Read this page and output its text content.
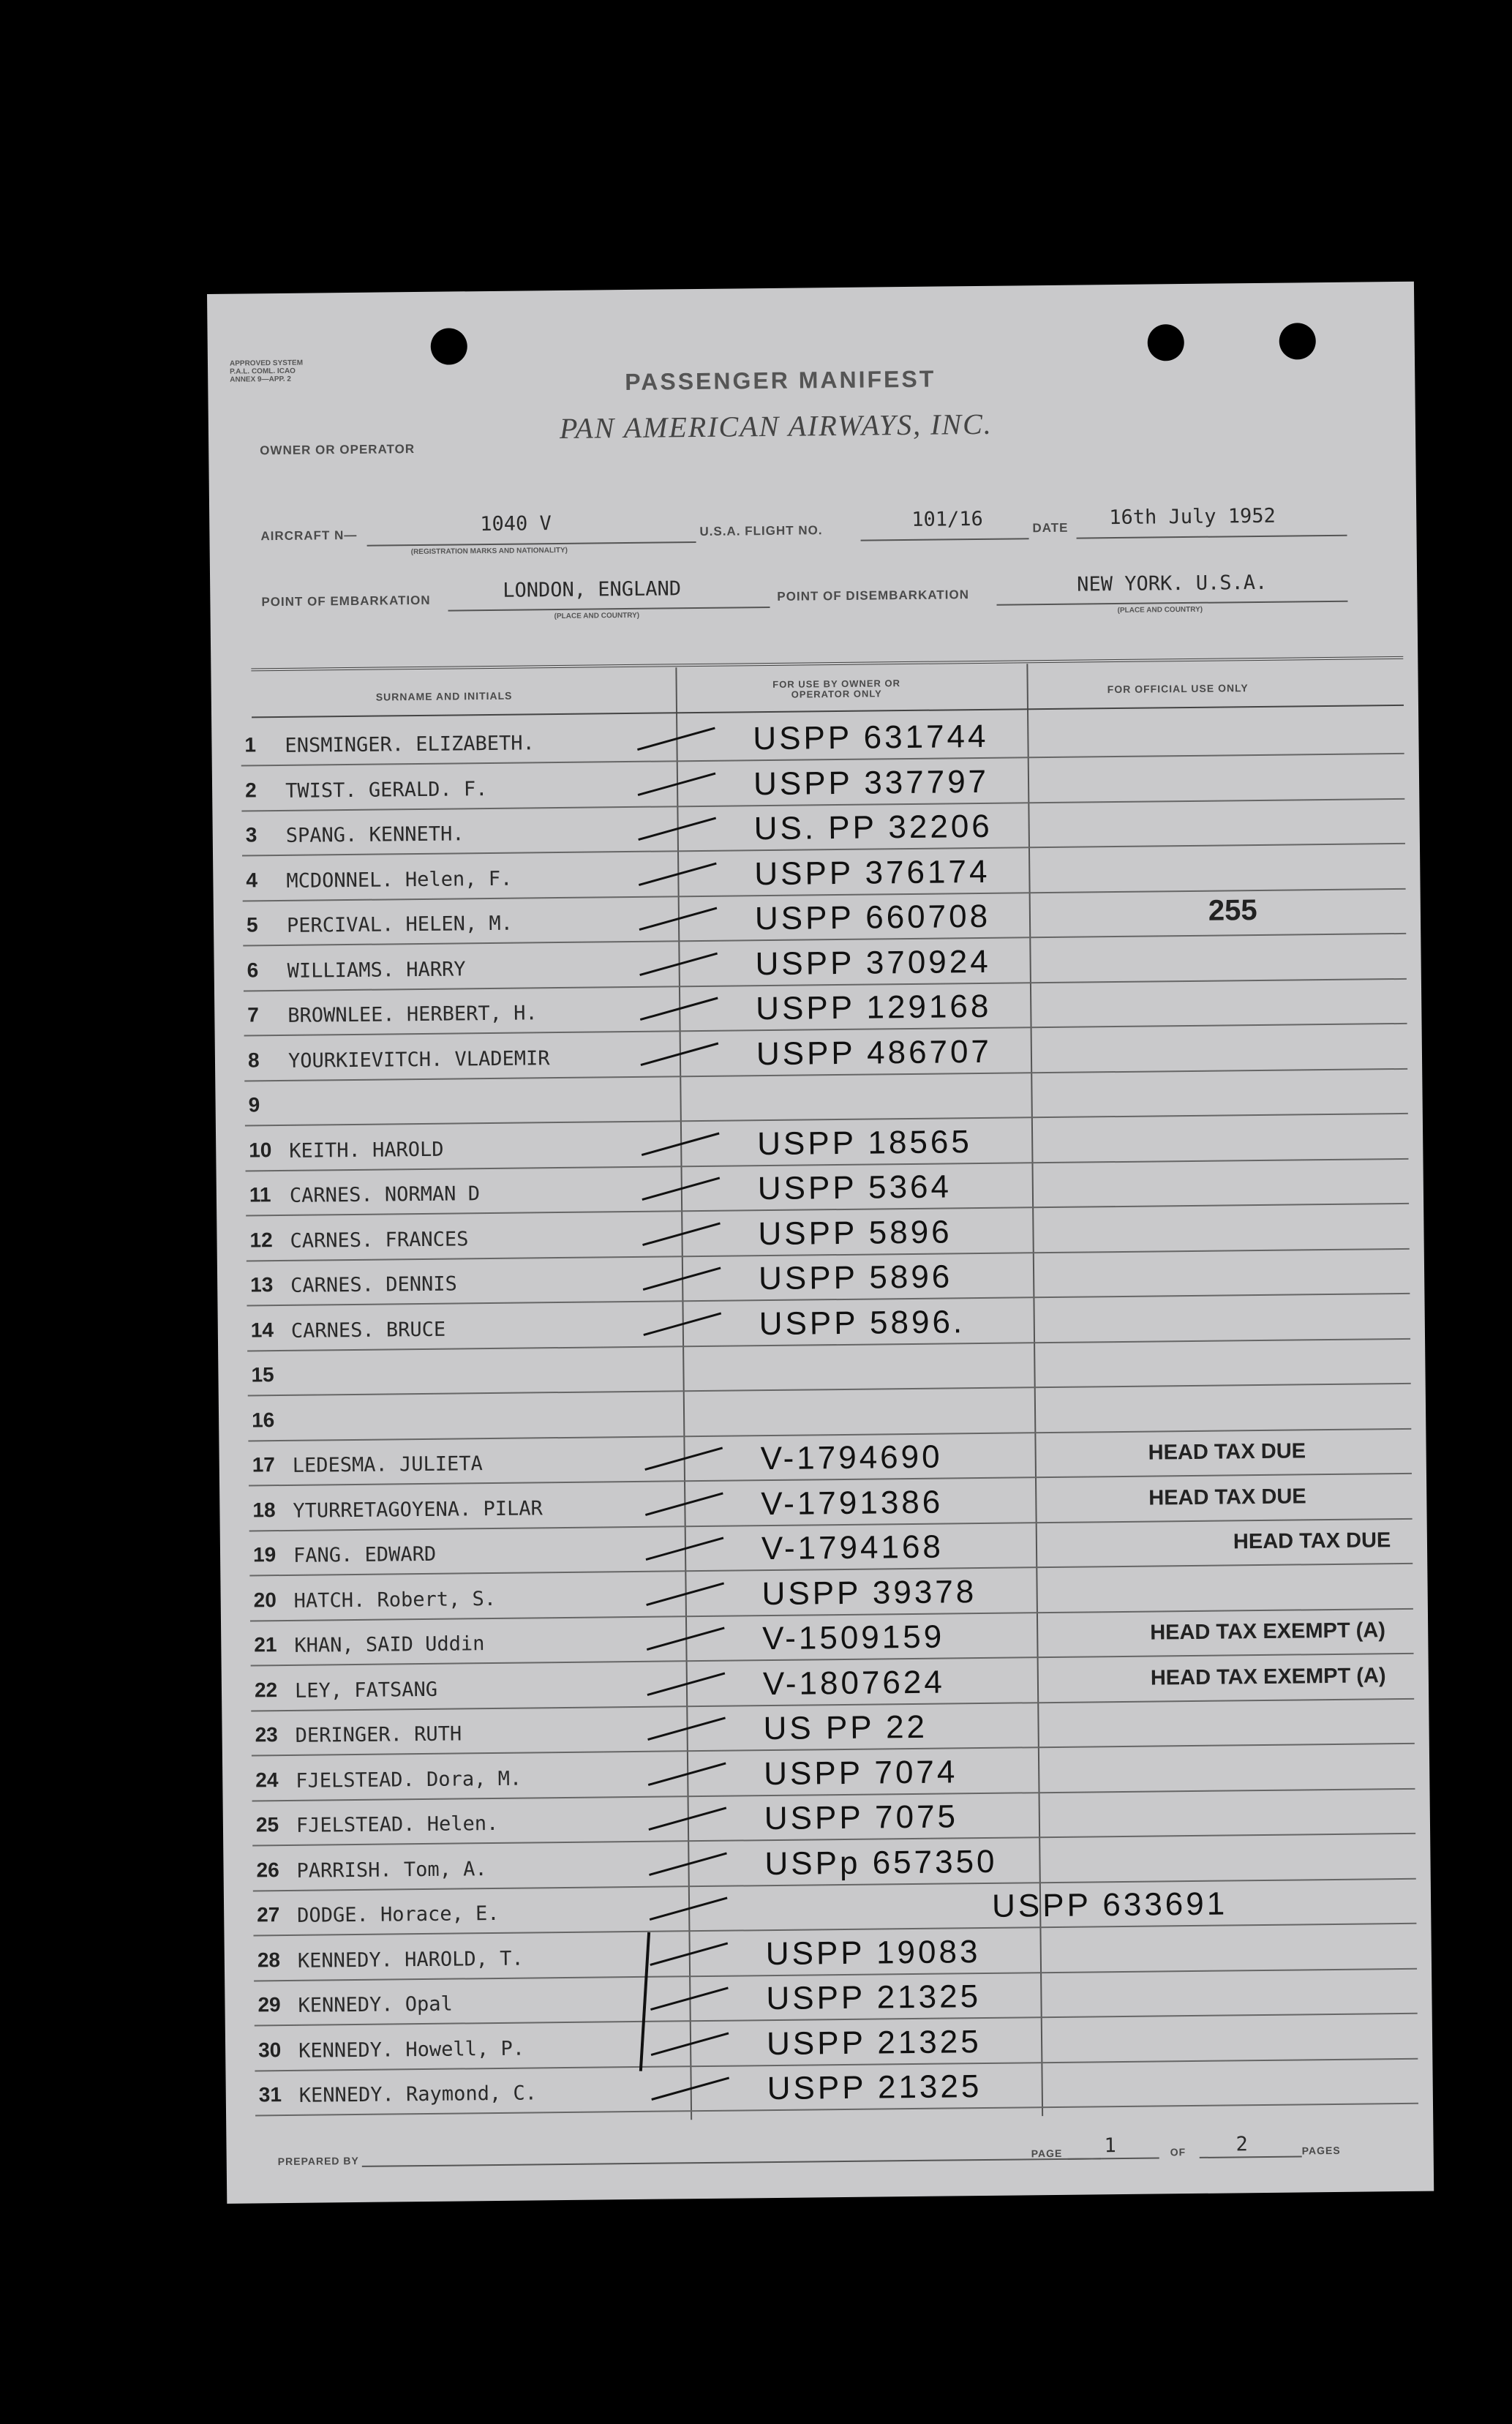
APPROVED SYSTEM P.A.L. COML. ICAO ANNEX 9—APP. 2	PASSENGER MANIFEST
OWNER OR OPERATOR
PAN AMERICAN AIRWAYS, INC.
AIRCRAFT N—	1040 V
(REGISTRATION MARKS AND NATIONALITY)
U.S.A. FLIGHT NO.	101/16	DATE 16th July 1952
POINT OF EMBARKATION	LONDON, ENGLAND
(PLACE AND COUNTRY)
POINT OF DISEMBARKATION	NEW YORK. U.S.A.
(PLACE AND COUNTRY)
SURNAME AND INITIALS
FOR USE BY OWNER OR OPERATOR ONLY	FOR OFFICIAL USE ONLY
1 ENSMINGER. ELIZABETH.	USPP 631744
2 TWIST. GERALD. F.	USPP 337797
3 SPANG. KENNETH.	US. PP 32206
4 MCDONNEL. Helen, F.	USPP 376174
5 PERCIVAL. HELEN, M.	USPP 660708	255
6 WILLIAMS. HARRY	USPP 370924
7 BROWNLEE. HERBERT, H.	USPP 129168
8 YOURKIEVITCH. VLADEMIR	USPP 486707
9
10 KEITH. HAROLD	USPP 18565
11 CARNES. NORMAN D	USPP 5364
12 CARNES. FRANCES	USPP 5896
13 CARNES. DENNIS	USPP 5896
14 CARNES. BRUCE	USPP 5896.
15
16
17 LEDESMA. JULIETA	V-1794690	HEAD TAX DUE
18 YTURRETAGOYENA. PILAR	V-1791386	HEAD TAX DUE
19 FANG. EDWARD	V-1794168	HEAD TAX DUE
20 HATCH. Robert, S.	USPP 39378
21 KHAN, SAID Uddin	V-1509159	HEAD TAX EXEMPT (A)
22 LEY, FATSANG	V-1807624	HEAD TAX EXEMPT (A)
23 DERINGER. RUTH	US PP 22
24 FJELSTEAD. Dora, M.	USPP 7074
25 FJELSTEAD. Helen.	USPP 7075
26 PARRISH. Tom, A.	USPp 657350
27 DODGE. Horace, E.	USPP 633691
28 KENNEDY. HAROLD, T.	USPP 19083
29 KENNEDY. Opal	USPP 21325
30 KENNEDY. Howell, P.	USPP 21325
31 KENNEDY. Raymond, C.	USPP 21325
PREPARED BY
PAGE 1	OF	2	PAGES
